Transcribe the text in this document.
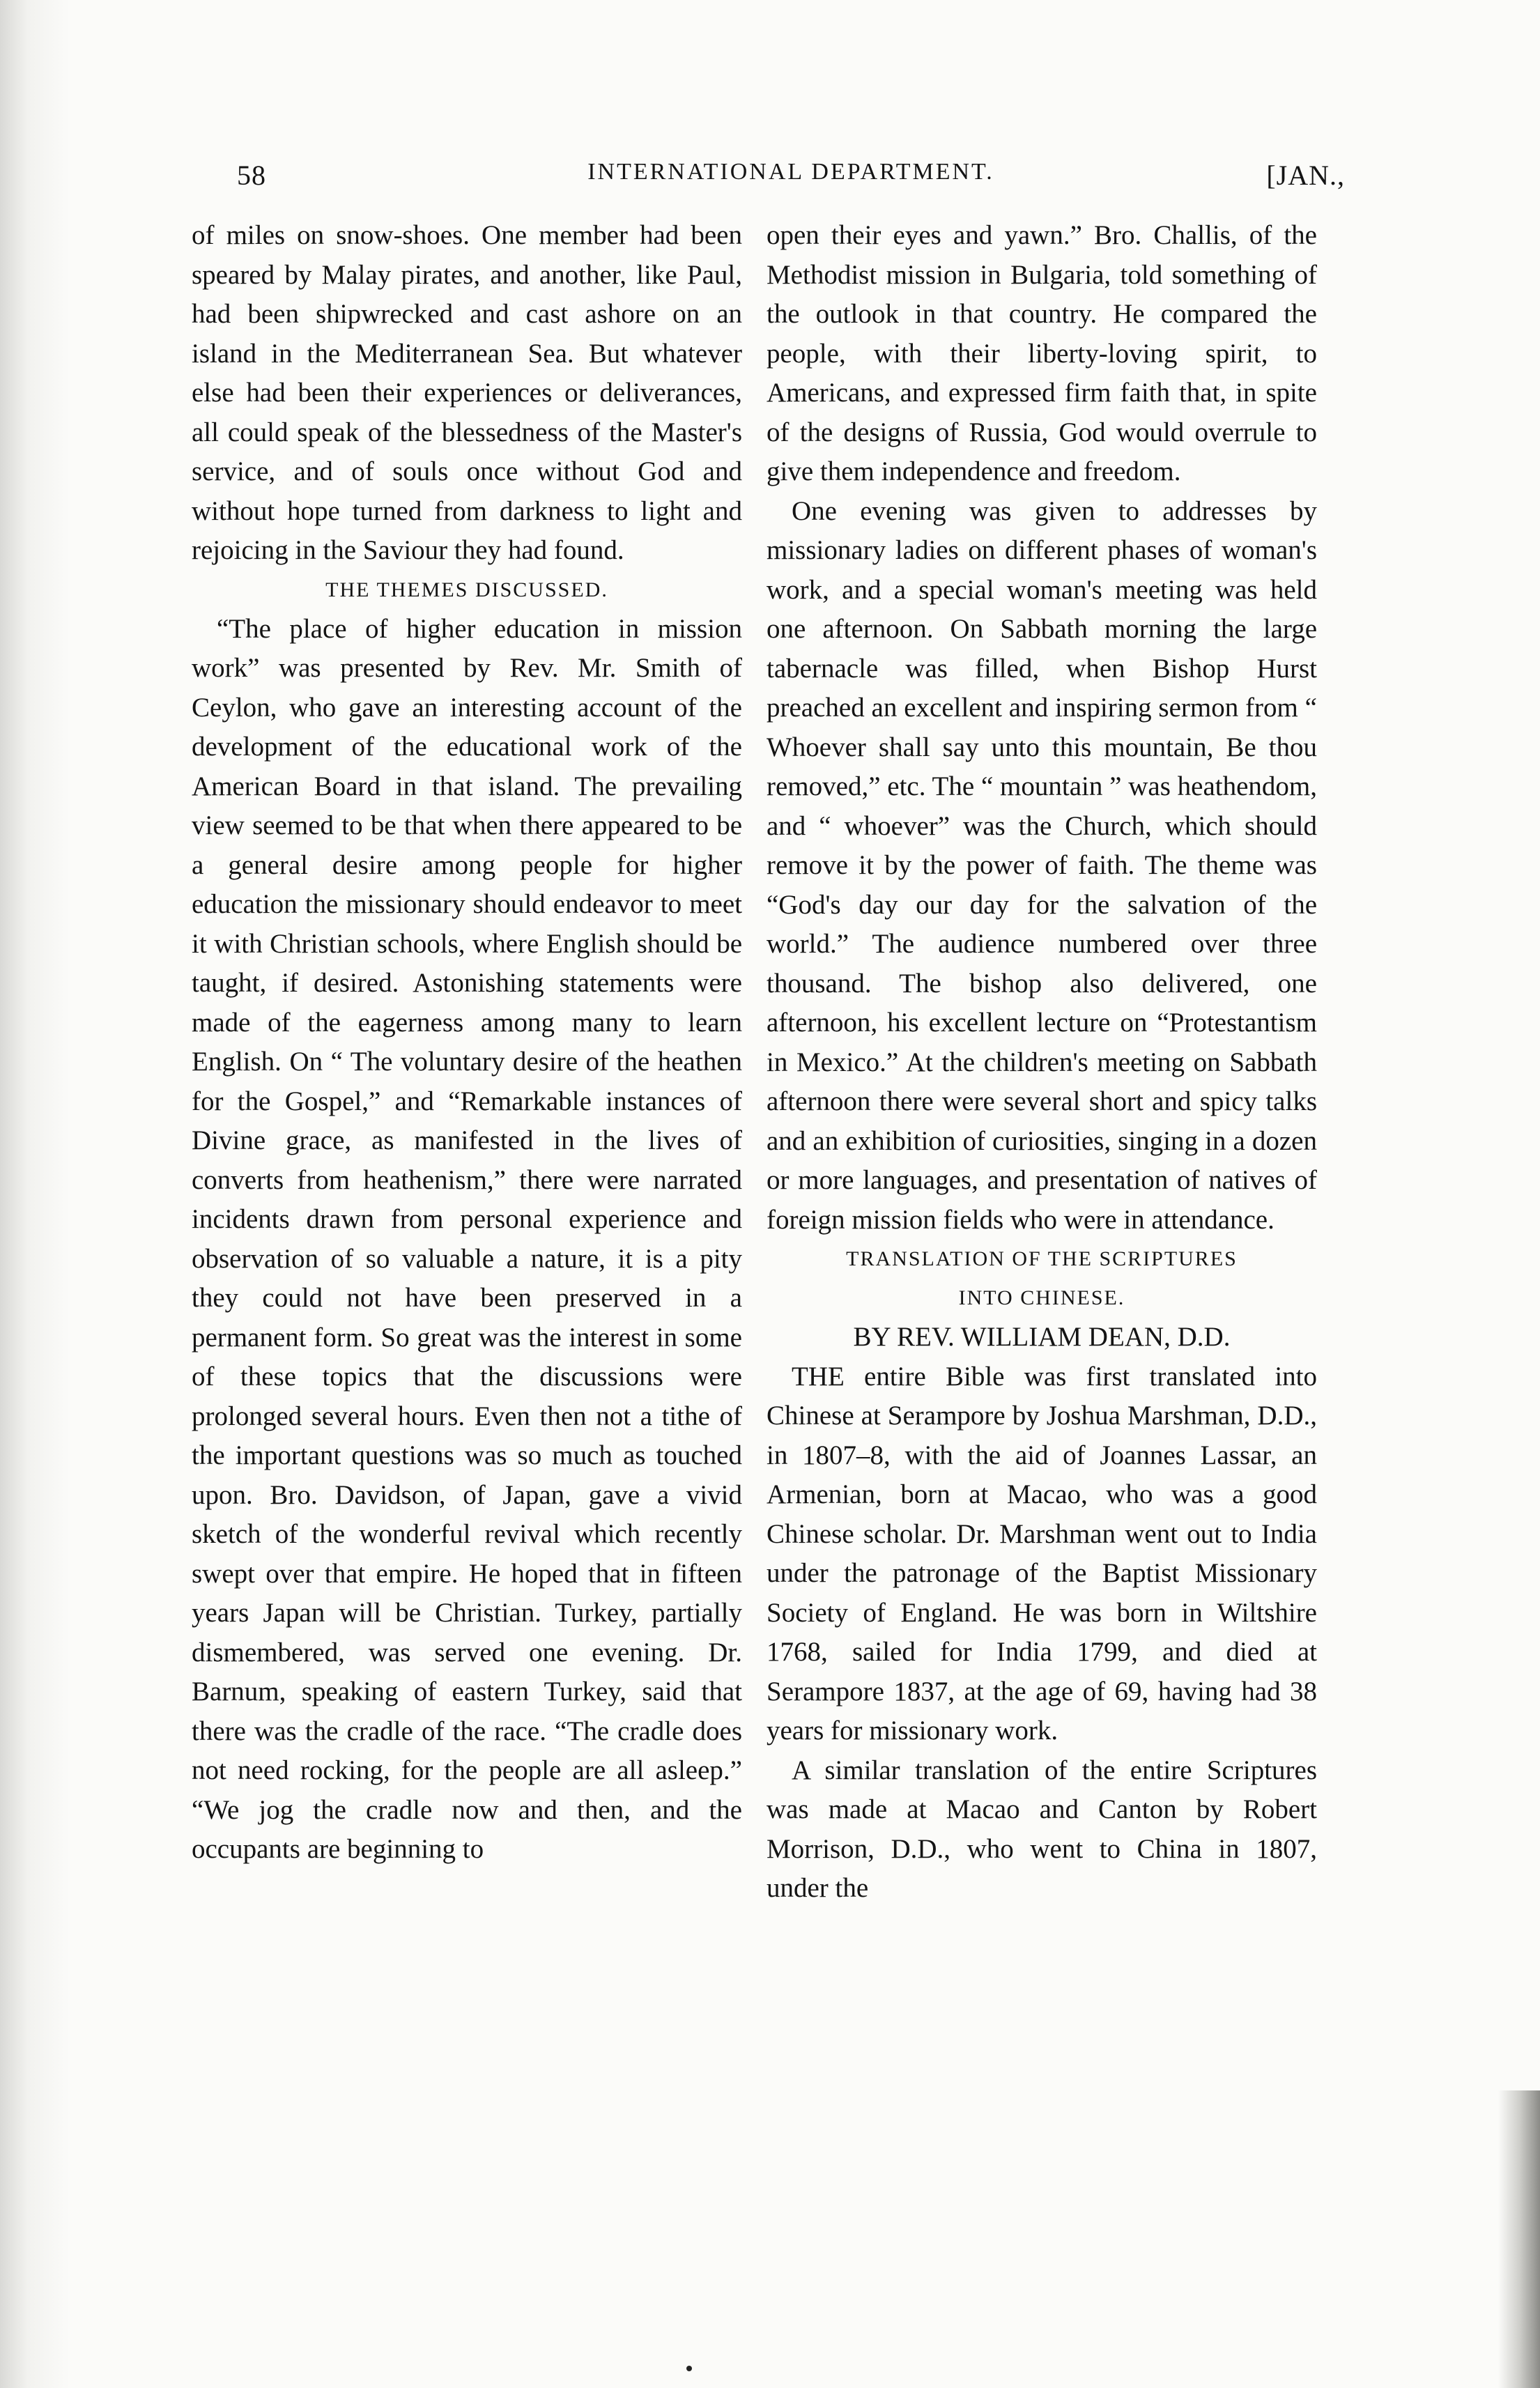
58	INTERNATIONAL DEPARTMENT.	[JAN.,

of miles on snow-shoes. One member had been speared by Malay pirates, and another, like Paul, had been shipwrecked and cast ashore on an island in the Mediterranean Sea. But whatever else had been their experiences or deliverances, all could speak of the blessedness of the Master's service, and of souls once without God and without hope turned from darkness to light and rejoicing in the Saviour they had found.

THE THEMES DISCUSSED.

“The place of higher education in mission work” was presented by Rev. Mr. Smith of Ceylon, who gave an interesting account of the development of the educational work of the American Board in that island. The prevailing view seemed to be that when there appeared to be a general desire among people for higher education the missionary should endeavor to meet it with Christian schools, where English should be taught, if desired. Astonishing statements were made of the eagerness among many to learn English. On “ The voluntary desire of the heathen for the Gospel,” and “Remarkable instances of Divine grace, as manifested in the lives of converts from heathenism,” there were narrated incidents drawn from personal experience and observation of so valuable a nature, it is a pity they could not have been preserved in a permanent form. So great was the interest in some of these topics that the discussions were prolonged several hours. Even then not a tithe of the important questions was so much as touched upon. Bro. Davidson, of Japan, gave a vivid sketch of the wonderful revival which recently swept over that empire. He hoped that in fifteen years Japan will be Christian. Turkey, partially dismembered, was served one evening. Dr. Barnum, speaking of eastern Turkey, said that there was the cradle of the race. “The cradle does not need rocking, for the people are all asleep.” “We jog the cradle now and then, and the occupants are beginning to

open their eyes and yawn.” Bro. Challis, of the Methodist mission in Bulgaria, told something of the outlook in that country. He compared the people, with their liberty-loving spirit, to Americans, and expressed firm faith that, in spite of the designs of Russia, God would overrule to give them independence and freedom.

One evening was given to addresses by missionary ladies on different phases of woman's work, and a special woman's meeting was held one afternoon. On Sabbath morning the large tabernacle was filled, when Bishop Hurst preached an excellent and inspiring sermon from “ Whoever shall say unto this mountain, Be thou removed,” etc. The “ mountain ” was heathendom, and “ whoever” was the Church, which should remove it by the power of faith. The theme was “God's day our day for the salvation of the world.” The audience numbered over three thousand. The bishop also delivered, one afternoon, his excellent lecture on “Protestantism in Mexico.” At the children's meeting on Sabbath afternoon there were several short and spicy talks and an exhibition of curiosities, singing in a dozen or more languages, and presentation of natives of foreign mission fields who were in attendance.

TRANSLATION OF THE SCRIPTURES

INTO CHINESE.

BY REV. WILLIAM DEAN, D.D.

THE entire Bible was first translated into Chinese at Serampore by Joshua Marshman, D.D., in 1807–8, with the aid of Joannes Lassar, an Armenian, born at Macao, who was a good Chinese scholar. Dr. Marshman went out to India under the patronage of the Baptist Missionary Society of England. He was born in Wiltshire 1768, sailed for India 1799, and died at Serampore 1837, at the age of 69, having had 38 years for missionary work.

A similar translation of the entire Scriptures was made at Macao and Canton by Robert Morrison, D.D., who went to China in 1807, under the
